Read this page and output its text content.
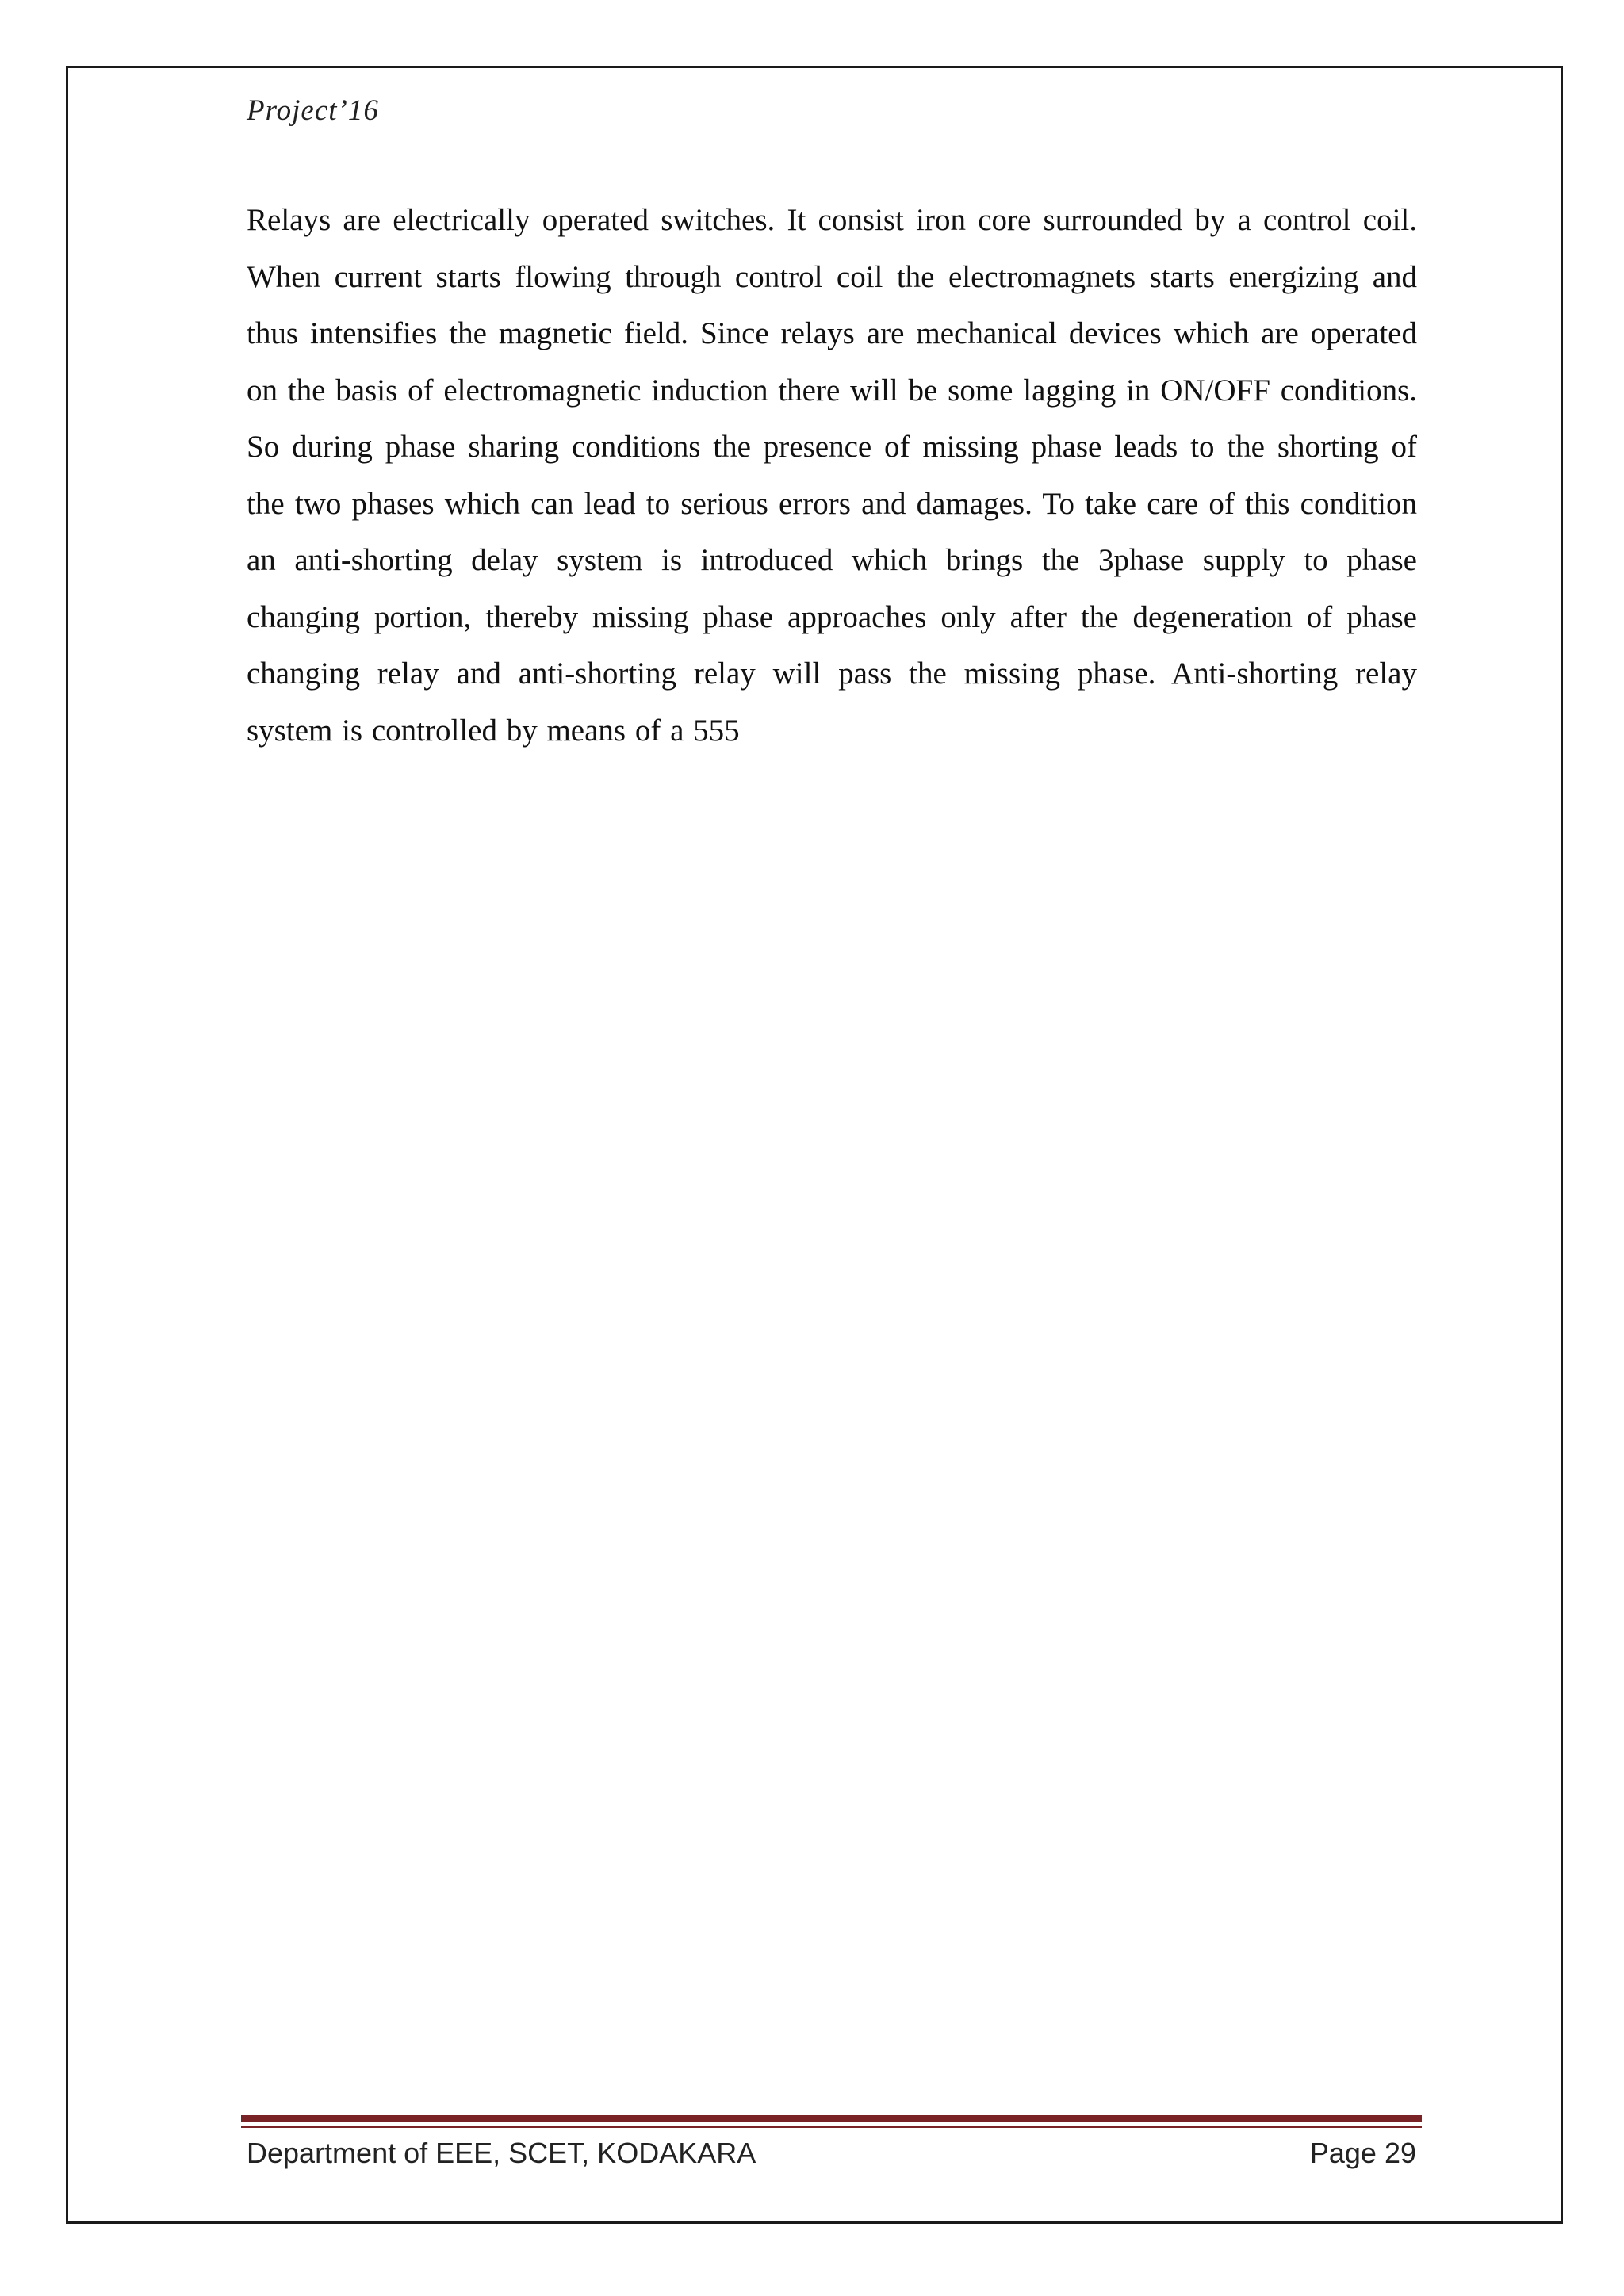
Project’16

Relays are electrically operated switches. It consist iron core surrounded by a control coil. When current starts flowing through control coil the electromagnets starts energizing and thus intensifies the magnetic field. Since relays are mechanical devices which are operated on the basis of electromagnetic induction there will be some lagging in ON/OFF conditions. So during phase sharing conditions the presence of missing phase leads to the shorting of the two phases which can lead to serious errors and damages. To take care of this condition an anti-shorting delay system is introduced which brings the 3phase supply to phase changing portion, thereby missing phase approaches only after the degeneration of phase changing relay and anti-shorting relay will pass the missing phase. Anti-shorting relay system is controlled by means of a 555

Department of EEE, SCET, KODAKARA	Page 29
